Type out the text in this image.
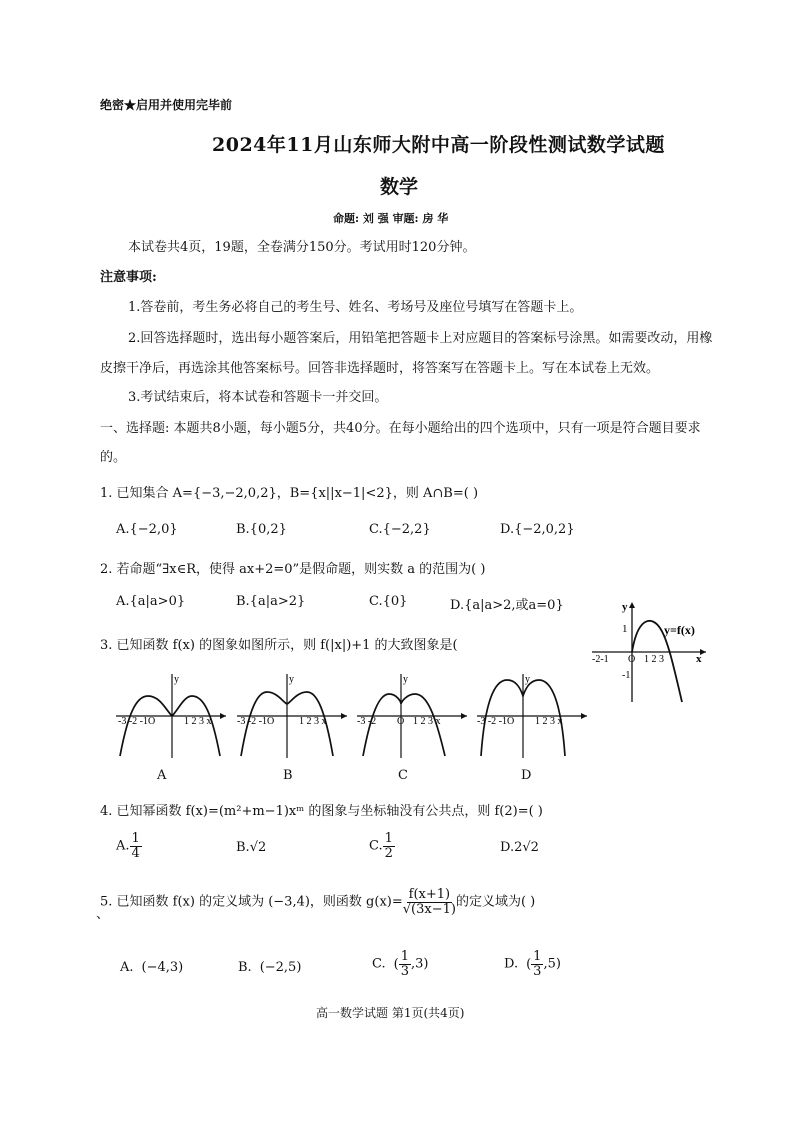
绝密★启用并使用完毕前
2024年11月山东师大附中高一阶段性测试数学试题
数学
命题: 刘 强 审题: 房 华
本试卷共4页，19题，全卷满分150分。考试用时120分钟。
注意事项:
1.答卷前，考生务必将自己的考生号、姓名、考场号及座位号填写在答题卡上。
2.回答选择题时，选出每小题答案后，用铅笔把答题卡上对应题目的答案标号涂黑。如需要改动，用橡
皮擦干净后，再选涂其他答案标号。回答非选择题时，将答案写在答题卡上。写在本试卷上无效。
3.考试结束后，将本试卷和答题卡一并交回。
一、选择题: 本题共8小题，每小题5分，共40分。在每小题给出的四个选项中，只有一项是符合题目要求
的。
1. 已知集合 A={−3,−2,0,2}，B={x||x−1|<2}，则 A∩B=( )
A.{−2,0}	B.{0,2}	C.{−2,2}	D.{−2,0,2}
2. 若命题“∃x∈R，使得 ax+2=0”是假命题，则实数 a 的范围为( )
A.{a|a>0}	B.{a|a>2}	C.{0}	D.{a|a>2,或a=0}
3. 已知函数 f(x) 的图象如图所示，则 f(|x|)+1 的大致图象是(
y
x
1
-2-1 O 1 2 3
-1
y=f(x)
-3 -2 -1O	1 2 3 x
y
-3 -2 -1O 1 2 3 x
y
-3 -2 O 1 2 3 x
y
-3 -2 -1O 1 2 3 x
y
A	B	C	D
4. 已知幂函数 f(x)=(m²+m−1)xᵐ 的图象与坐标轴没有公共点，则 f(2)=( )
A. $\frac{1}{4}$	B.√2	C. $\frac{1}{2}$	D.2√2
、
5. 已知函数 f(x) 的定义域为 (−3,4)，则函数 $g(x)= \frac{f(x+1)}{√(3x-1)}$ 的定义域为( )
A. (−4,3)	B. (−2,5)	C. ( $\frac{1}{3} ,3$)	D. ( $\frac{1}{3} ,5$)
高一数学试题 第1页(共4页)
